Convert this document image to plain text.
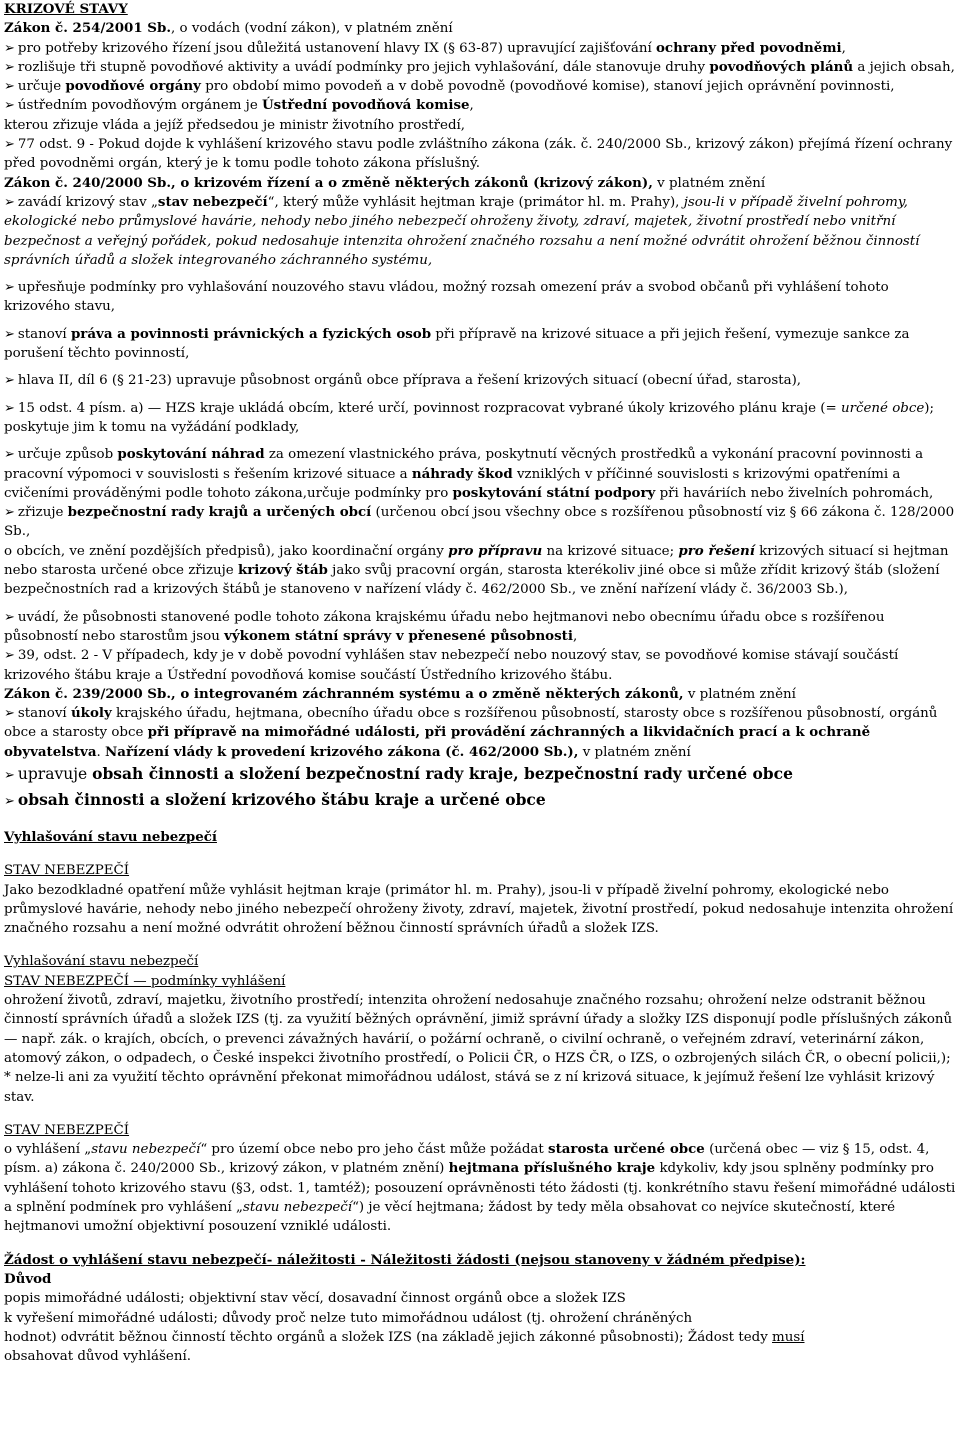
KRIZOVÉ STAVY

Zákon č. 254/2001 Sb., o vodách (vodní zákon), v platném znění

➢ pro potřeby krizového řízení jsou důležitá ustanovení hlavy IX (§ 63-87) upravující zajišťování ochrany před povodněmi,

➢ rozlišuje tři stupně povodňové aktivity a uvádí podmínky pro jejich vyhlašování, dále stanovuje druhy povodňových plánů a jejich obsah,

➢ určuje povodňové orgány pro období mimo povodeň a v době povodně (povodňové komise), stanoví jejich oprávnění povinnosti,

➢ ústředním povodňovým orgánem je Ústřední povodňová komise,

kterou zřizuje vláda a jejíž předsedou je ministr životního prostředí,

➢ 77 odst. 9 - Pokud dojde k vyhlášení krizového stavu podle zvláštního zákona (zák. č. 240/2000 Sb., krizový zákon) přejímá řízení ochrany před povodněmi orgán, který je k tomu podle tohoto zákona příslušný.

Zákon č. 240/2000 Sb., o krizovém řízení a o změně některých zákonů (krizový zákon), v platném znění

➢ zavádí krizový stav „stav nebezpečí“, který může vyhlásit hejtman kraje (primátor hl. m. Prahy), jsou-li v případě živelní pohromy, ekologické nebo průmyslové havárie, nehody nebo jiného nebezpečí ohroženy životy, zdraví, majetek, životní prostředí nebo vnitřní bezpečnost a veřejný pořádek, pokud nedosahuje intenzita ohrožení značného rozsahu a není možné odvrátit ohrožení běžnou činností správních úřadů a složek integrovaného záchranného systému,

➢ upřesňuje podmínky pro vyhlašování nouzového stavu vládou, možný rozsah omezení práv a svobod občanů při vyhlášení tohoto krizového stavu,

➢ stanoví práva a povinnosti právnických a fyzických osob při přípravě na krizové situace a při jejich řešení, vymezuje sankce za porušení těchto povinností,

➢ hlava II, díl 6 (§ 21-23) upravuje působnost orgánů obce příprava a řešení krizových situací (obecní úřad, starosta),

➢ 15 odst. 4 písm. a) — HZS kraje ukládá obcím, které určí, povinnost rozpracovat vybrané úkoly krizového plánu kraje (= určené obce); poskytuje jim k tomu na vyžádání podklady,

➢ určuje způsob poskytování náhrad za omezení vlastnického práva, poskytnutí věcných prostředků a vykonání pracovní povinnosti a pracovní výpomoci v souvislosti s řešením krizové situace a náhrady škod vzniklých v příčinné souvislosti s krizovými opatřeními a cvičeními prováděnými podle tohoto zákona,určuje podmínky pro poskytování státní podpory při haváriích nebo živelních pohromách,

➢ zřizuje bezpečnostní rady krajů a určených obcí (určenou obcí jsou všechny obce s rozšířenou působností viz § 66 zákona č. 128/2000 Sb.,

o obcích, ve znění pozdějších předpisů), jako koordinační orgány pro přípravu na krizové situace; pro řešení krizových situací si hejtman nebo starosta určené obce zřizuje krizový štáb jako svůj pracovní orgán, starosta kterékoliv jiné obce si může zřídit krizový štáb (složení bezpečnostních rad a krizových štábů je stanoveno v nařízení vlády č. 462/2000 Sb., ve znění nařízení vlády č. 36/2003 Sb.),

➢ uvádí, že působnosti stanovené podle tohoto zákona krajskému úřadu nebo hejtmanovi nebo obecnímu úřadu obce s rozšířenou působností nebo starostům jsou výkonem státní správy v přenesené působnosti,

➢ 39, odst. 2 - V případech, kdy je v době povodní vyhlášen stav nebezpečí nebo nouzový stav, se povodňové komise stávají součástí krizového štábu kraje a Ústřední povodňová komise součástí Ústředního krizového štábu.

Zákon č. 239/2000 Sb., o integrovaném záchranném systému a o změně některých zákonů, v platném znění

➢ stanoví úkoly krajského úřadu, hejtmana, obecního úřadu obce s rozšířenou působností, starosty obce s rozšířenou působností, orgánů obce a starosty obce při přípravě na mimořádné události, při provádění záchranných a likvidačních prací a k ochraně obyvatelstva. Nařízení vlády k provedení krizového zákona (č. 462/2000 Sb.), v platném znění

➢ upravuje obsah činnosti a složení bezpečnostní rady kraje, bezpečnostní rady určené obce

➢ obsah činnosti a složení krizového štábu kraje a určené obce

Vyhlašování stavu nebezpečí

STAV NEBEZPEČÍ

Jako bezodkladné opatření může vyhlásit hejtman kraje (primátor hl. m. Prahy), jsou-li v případě živelní pohromy, ekologické nebo průmyslové havárie, nehody nebo jiného nebezpečí ohroženy životy, zdraví, majetek, životní prostředí, pokud nedosahuje intenzita ohrožení značného rozsahu a není možné odvrátit ohrožení běžnou činností správních úřadů a složek IZS.

Vyhlašování stavu nebezpečí

STAV NEBEZPEČÍ — podmínky vyhlášení

ohrožení životů, zdraví, majetku, životního prostředí; intenzita ohrožení nedosahuje značného rozsahu; ohrožení nelze odstranit běžnou činností správních úřadů a složek IZS (tj. za využití běžných oprávnění, jimiž správní úřady a složky IZS disponují podle příslušných zákonů — např. zák. o krajích, obcích, o prevenci závažných havárií, o požární ochraně, o civilní ochraně, o veřejném zdraví, veterinární zákon, atomový zákon, o odpadech, o České inspekci životního prostředí, o Policii ČR, o HZS ČR, o IZS, o ozbrojených silách ČR, o obecní policii,); * nelze-li ani za využití těchto oprávnění překonat mimořádnou událost, stává se z ní krizová situace, k jejímuž řešení lze vyhlásit krizový stav.

STAV NEBEZPEČÍ

o vyhlášení „stavu nebezpečí“ pro území obce nebo pro jeho část může požádat starosta určené obce (určená obec — viz § 15, odst. 4, písm. a) zákona č. 240/2000 Sb., krizový zákon, v platném znění) hejtmana příslušného kraje kdykoliv, kdy jsou splněny podmínky pro vyhlášení tohoto krizového stavu (§3, odst. 1, tamtéž); posouzení oprávněnosti této žádosti (tj. konkrétního stavu řešení mimořádné události a splnění podmínek pro vyhlášení „stavu nebezpečí“) je věcí hejtmana; žádost by tedy měla obsahovat co nejvíce skutečností, které hejtmanovi umožní objektivní posouzení vzniklé události.

Žádost o vyhlášení stavu nebezpečí- náležitosti - Náležitosti žádosti (nejsou stanoveny v žádném předpise):

Důvod

popis mimořádné události; objektivní stav věcí, dosavadní činnost orgánů obce a složek IZS

k vyřešení mimořádné události; důvody proč nelze tuto mimořádnou událost (tj. ohrožení chráněných

hodnot) odvrátit běžnou činností těchto orgánů a složek IZS (na základě jejich zákonné působnosti); Žádost tedy musí

obsahovat důvod vyhlášení.
